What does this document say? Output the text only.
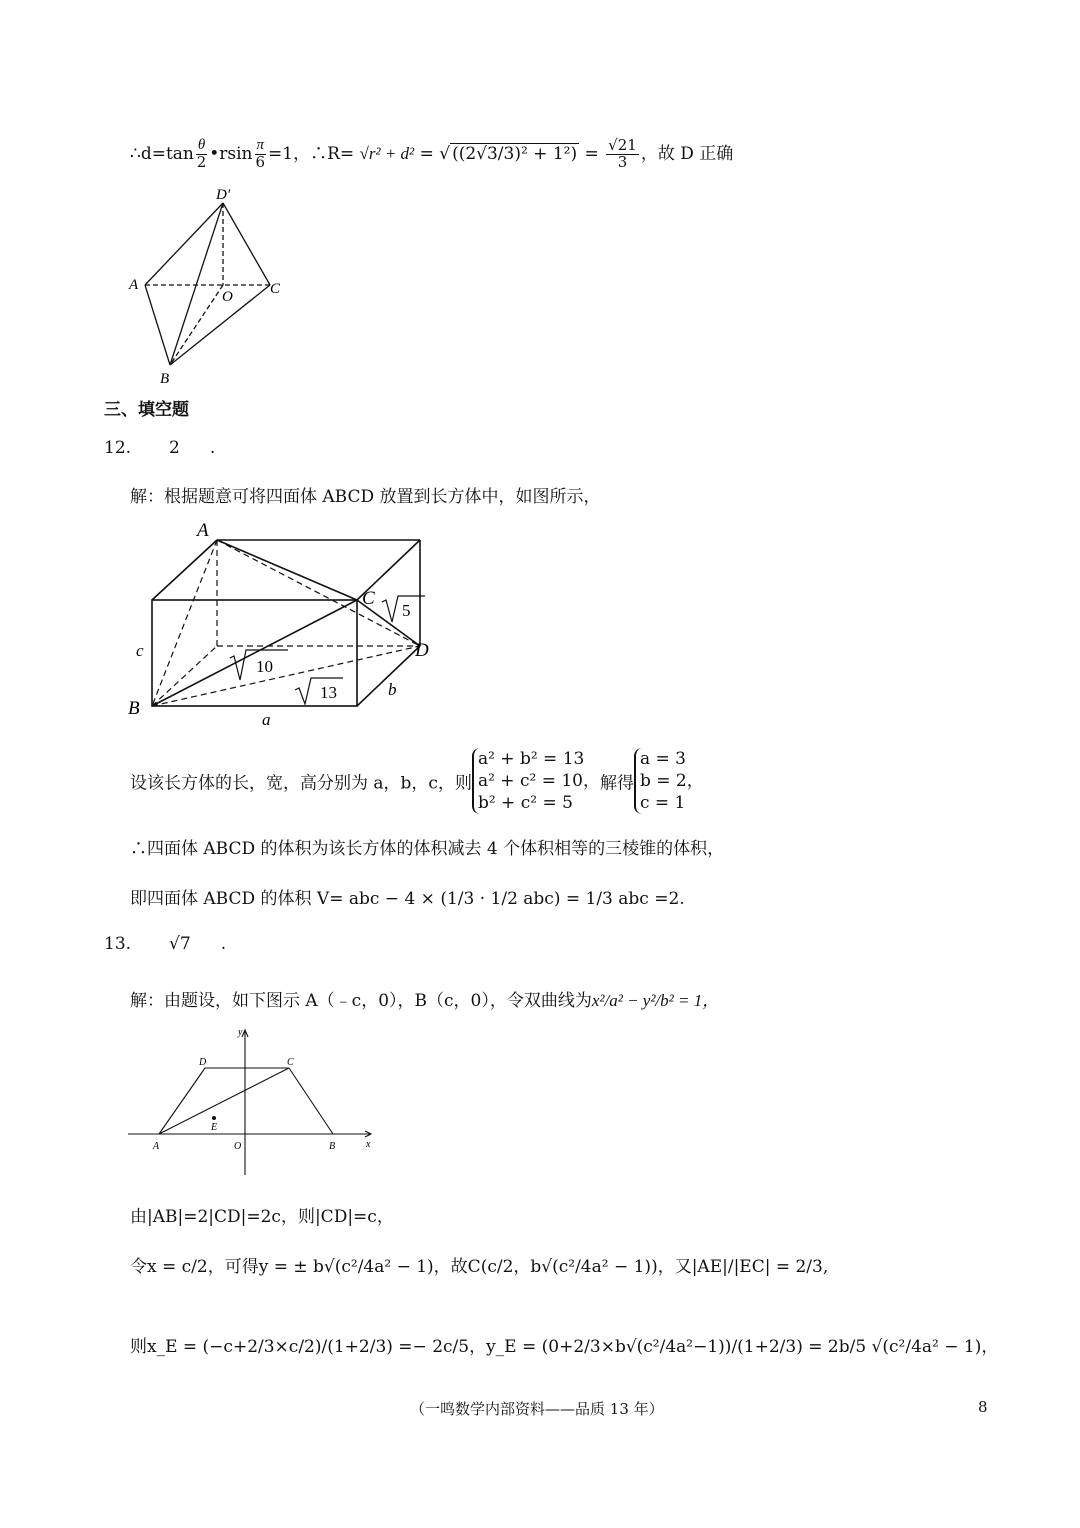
∴d=tan $\frac{\theta}{2}$ •rsin $\frac{\pi}{6} =1$，∴R= √r² + d² = √ $((2√3/3)^2 + 1^2) = \frac{√21}{3}$ ，故 D 正确
D′
A
O C
B
三、填空题
12. 2 .
解：根据题意可将四面体 ABCD 放置到长方体中，如图所示，
A
C
D
B
c
b
a
5
10
13
设该长方体的长，宽，高分别为 a，b，c，则
a² + b² = 13
a² + c² = 10，
b² + c² = 5
解得
a = 3
b = 2，
c = 1
∴四面体 ABCD 的体积为该长方体的体积减去 4 个体积相等的三棱锥的体积，
即四面体 ABCD 的体积 V= abc − 4 × (1/3 · 1/2 abc) = 1/3 abc =2.
13. √7 .
解：由题设，如下图示 A（﹣c，0），B（c，0），令双曲线为x²/a² − y²/b² = 1，
y
x
D	C
E
A	O	B
由|AB|=2|CD|=2c，则|CD|=c，
令x = c/2，可得y = ± b√(c²/4a² − 1)，故C(c/2，b√(c²/4a² − 1))，又|AE|/|EC| = 2/3,
则x_E = (−c+2/3×c/2)/(1+2/3) =− 2c/5，y_E = (0+2/3×b√(c²/4a²−1))/(1+2/3) = 2b/5 √(c²/4a² − 1)，
（一鸣数学内部资料——品质 13 年）	8
